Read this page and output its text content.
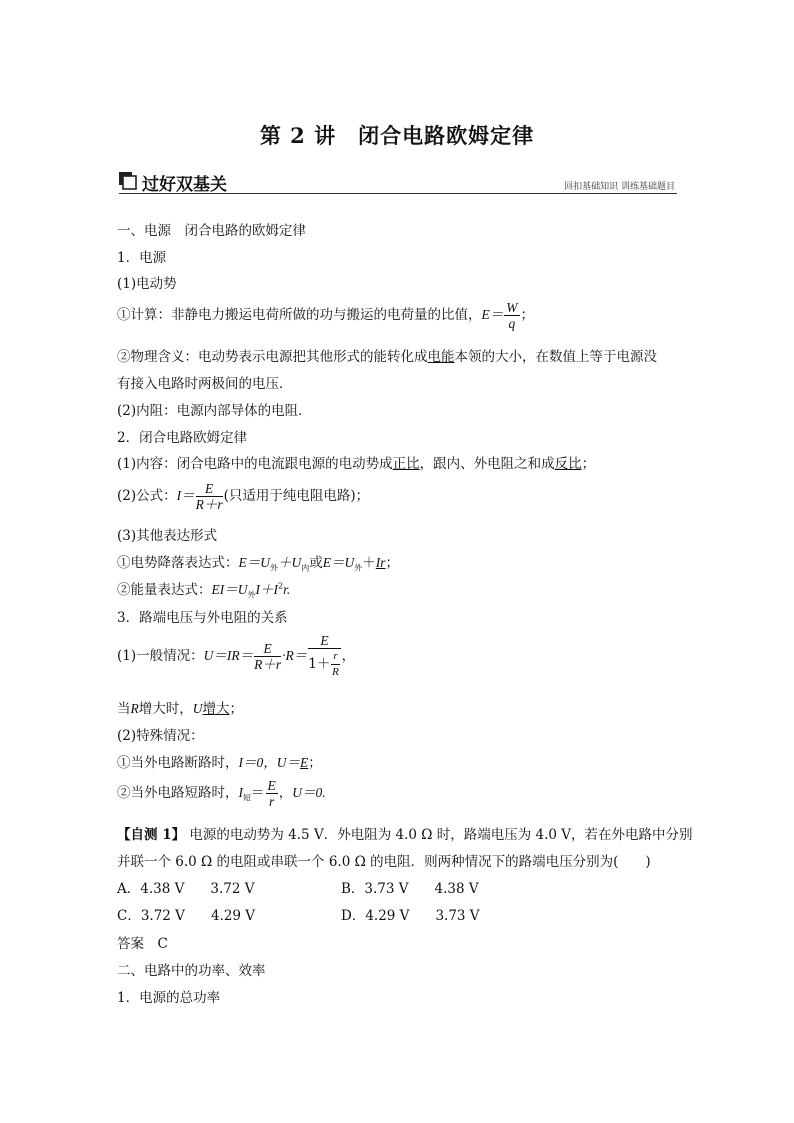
第 2 讲　闭合电路欧姆定律
过好双基关	回扣基础知识 训练基础题目
一、电源　闭合电路的欧姆定律
1．电源
(1)电动势
①计算：非静电力搬运电荷所做的功与搬运的电荷量的比值，$E= \frac{W}{q}$ ；
②物理含义：电动势表示电源把其他形式的能转化成电能本领的大小，在数值上等于电源没
有接入电路时两极间的电压．
(2)内阻：电源内部导体的电阻．
2．闭合电路欧姆定律
(1)内容：闭合电路中的电流跟电源的电动势成正比，跟内、外电阻之和成反比；
(2)公式：$I= \frac{E}{R+r}$ (只适用于纯电阻电路)；
(3)其他表达形式
①电势降落表达式：$E=U_外+U_内$或$E=U_外+Ir$；
②能量表达式：$EI=U_外I+I^2r$.
3．路端电压与外电阻的关系
(1)一般情况：$U=IR= \frac{E}{R+r} \cdot R= \frac{E}{1+ \frac{r}{R}}$ ，
当R增大时，U增大；
(2)特殊情况：
①当外电路断路时，I＝0，U＝E；
②当外电路短路时，$I_短= \frac{E}{r}$ ，U＝0.
【自测 1】 电源的电动势为 4.5 V．外电阻为 4.0 Ω 时，路端电压为 4.0 V，若在外电路中分别
并联一个 6.0 Ω 的电阻或串联一个 6.0 Ω 的电阻．则两种情况下的路端电压分别为(　　)
A．4.38 V 3.72 V	B．3.73 V 4.38 V
C．3.72 V 4.29 V	D．4.29 V 3.73 V
答案　C
二、电路中的功率、效率
1．电源的总功率
